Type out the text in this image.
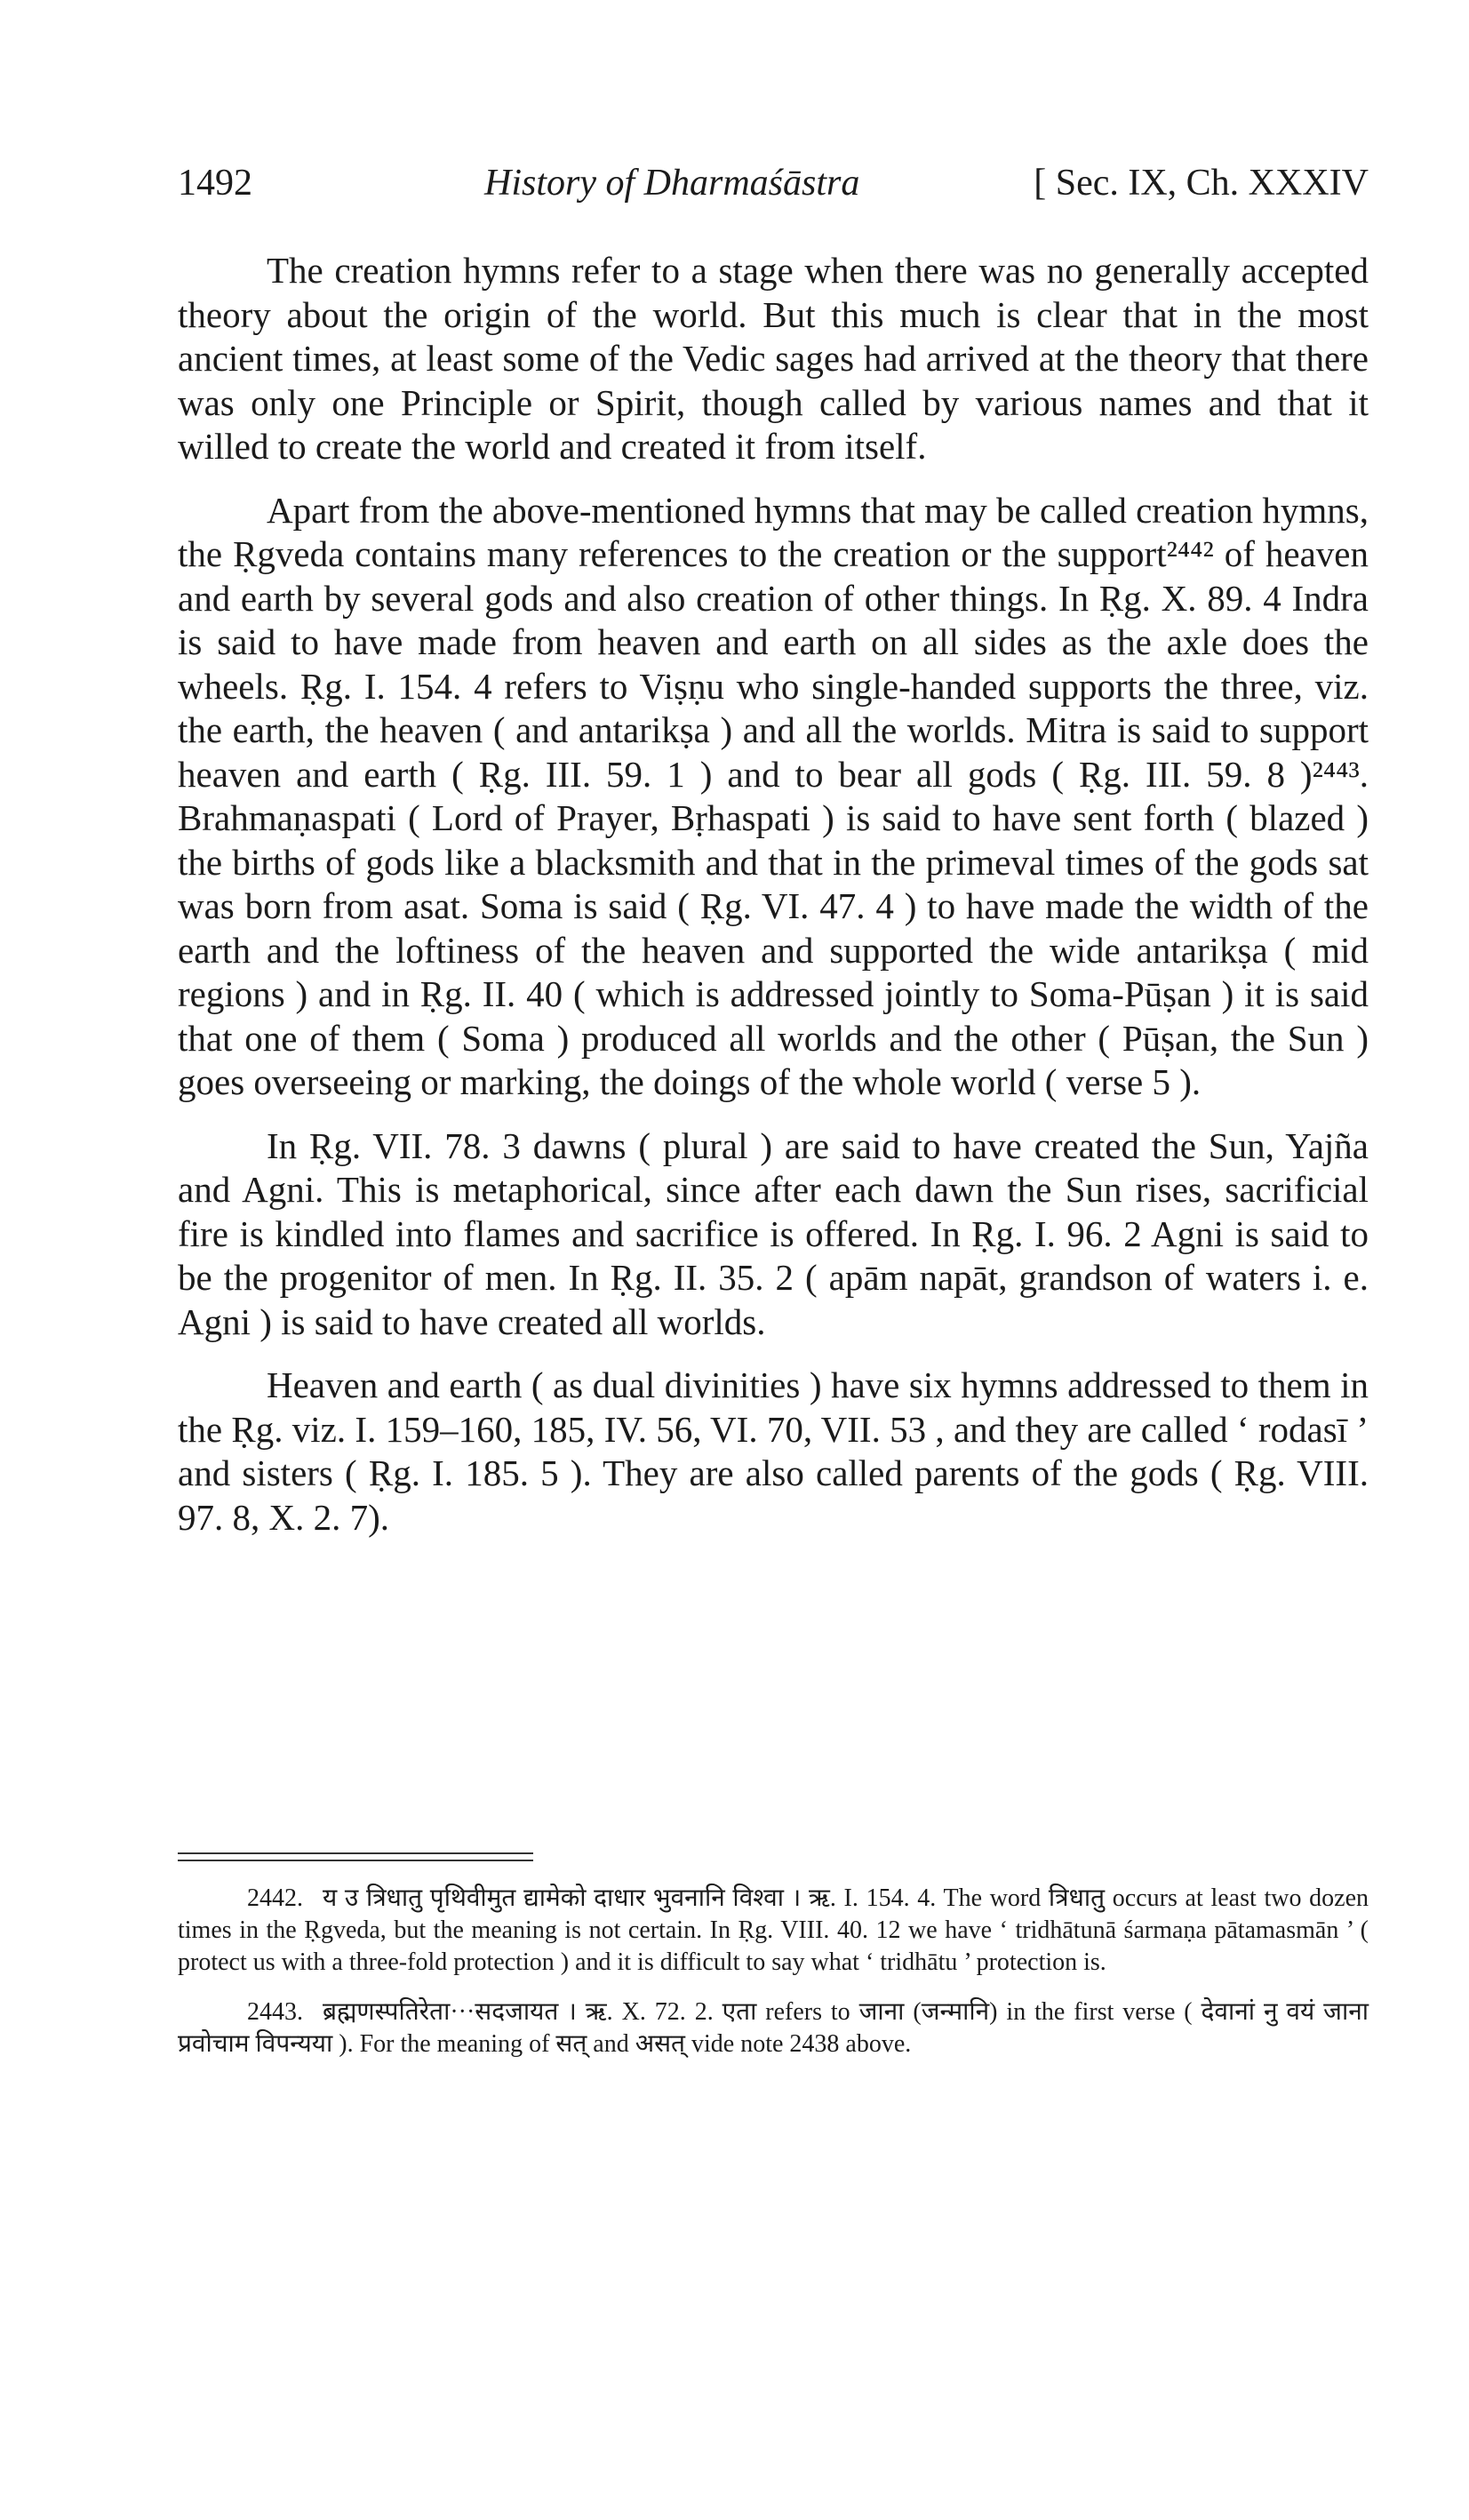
1492	History of Dharmaśāstra	[ Sec. IX, Ch. XXXIV

The creation hymns refer to a stage when there was no generally accepted theory about the origin of the world. But this much is clear that in the most ancient times, at least some of the Vedic sages had arrived at the theory that there was only one Principle or Spirit, though called by various names and that it willed to create the world and created it from itself.

Apart from the above-mentioned hymns that may be called creation hymns, the Ṛgveda contains many references to the creation or the support²⁴⁴² of heaven and earth by several gods and also creation of other things. In Ṛg. X. 89. 4 Indra is said to have made from heaven and earth on all sides as the axle does the wheels. Ṛg. I. 154. 4 refers to Viṣṇu who single-handed supports the three, viz. the earth, the heaven ( and antarikṣa ) and all the worlds. Mitra is said to support heaven and earth ( Ṛg. III. 59. 1 ) and to bear all gods ( Ṛg. III. 59. 8 )²⁴⁴³. Brahmaṇaspati ( Lord of Prayer, Bṛhaspati ) is said to have sent forth ( blazed ) the births of gods like a blacksmith and that in the primeval times of the gods sat was born from asat. Soma is said ( Ṛg. VI. 47. 4 ) to have made the width of the earth and the loftiness of the heaven and supported the wide antarikṣa ( mid regions ) and in Ṛg. II. 40 ( which is addressed jointly to Soma-Pūṣan ) it is said that one of them ( Soma ) produced all worlds and the other ( Pūṣan, the Sun ) goes overseeing or marking, the doings of the whole world ( verse 5 ).

In Ṛg. VII. 78. 3 dawns ( plural ) are said to have created the Sun, Yajña and Agni. This is metaphorical, since after each dawn the Sun rises, sacrificial fire is kindled into flames and sacrifice is offered. In Ṛg. I. 96. 2 Agni is said to be the progenitor of men. In Ṛg. II. 35. 2 ( apām napāt, grandson of waters i. e. Agni ) is said to have created all worlds.

Heaven and earth ( as dual divinities ) have six hymns addressed to them in the Ṛg. viz. I. 159–160, 185, IV. 56, VI. 70, VII. 53 , and they are called ‘ rodasī ’ and sisters ( Ṛg. I. 185. 5 ). They are also called parents of the gods ( Ṛg. VIII. 97. 8, X. 2. 7).

2442. य उ त्रिधातु पृथिवीमुत द्यामेको दाधार भुवनानि विश्वा । ऋ. I. 154. 4. The word त्रिधातु occurs at least two dozen times in the Ṛgveda, but the meaning is not certain. In Ṛg. VIII. 40. 12 we have ‘ tridhātunā śarmaṇa pātamasmān ’ ( protect us with a three-fold protection ) and it is difficult to say what ‘ tridhātu ’ protection is.

2443. ब्रह्मणस्पतिरेता···सदजायत । ऋ. X. 72. 2. एता refers to जाना (जन्मानि) in the first verse ( देवानां नु वयं जाना प्रवोचाम विपन्यया ). For the meaning of सत् and असत् vide note 2438 above.
